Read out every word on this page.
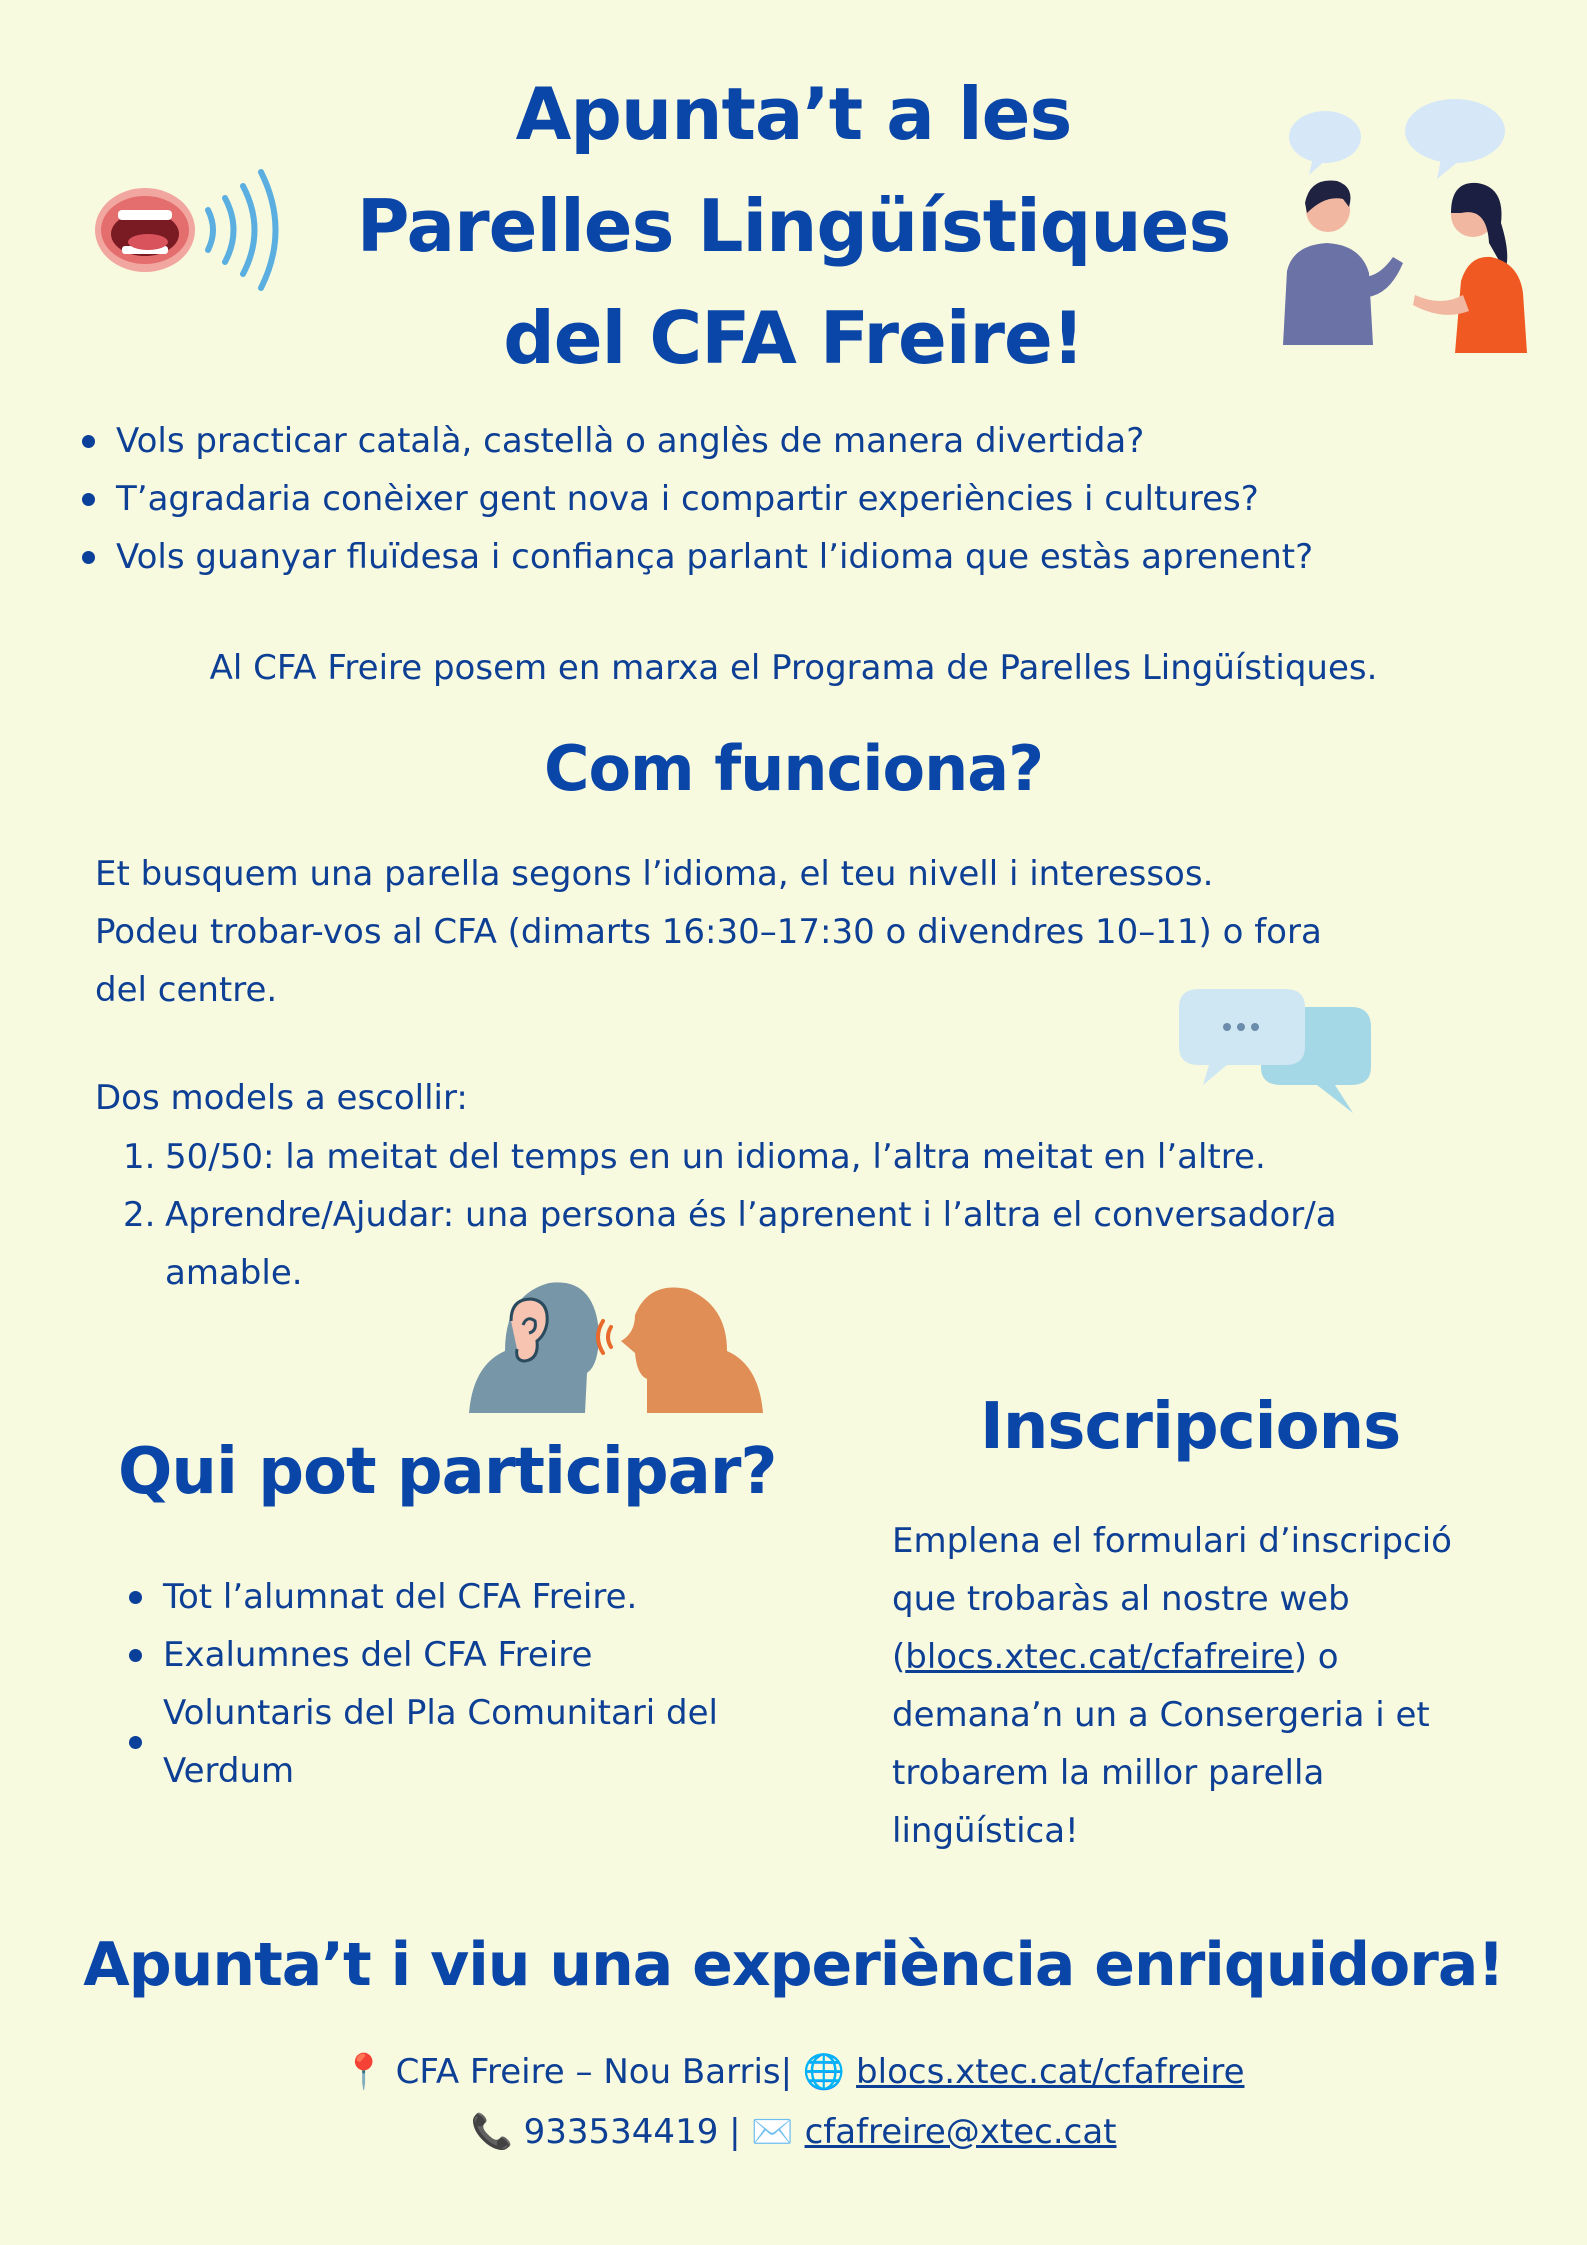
Apunta’t a les
Parelles Lingüístiques
del CFA Freire!
Vols practicar català, castellà o anglès de manera divertida?
T’agradaria conèixer gent nova i compartir experiències i cultures?
Vols guanyar fluïdesa i confiança parlant l’idioma que estàs aprenent?
Al CFA Freire posem en marxa el Programa de Parelles Lingüístiques.
Com funciona?
Et busquem una parella segons l’idioma, el teu nivell i interessos.
Podeu trobar-vos al CFA (dimarts 16:30–17:30 o divendres 10–11) o fora
del centre.
Dos models a escollir:
1. 50/50: la meitat del temps en un idioma, l’altra meitat en l’altre.
2. Aprendre/Ajudar: una persona és l’aprenent i l’altra el conversador/a
amable.
Qui pot participar?
Tot l’alumnat del CFA Freire.
Exalumnes del CFA Freire
Voluntaris del Pla Comunitari del
Verdum
Inscripcions
Emplena el formulari d’inscripció
que trobaràs al nostre web
(blocs.xtec.cat/cfafreire) o
demana’n un a Consergeria i et
trobarem la millor parella
lingüística!
Apunta’t i viu una experiència enriquidora!
📍 CFA Freire – Nou Barris| 🌐 blocs.xtec.cat/cfafreire
📞 933534419 | ✉️ cfafreire@xtec.cat
